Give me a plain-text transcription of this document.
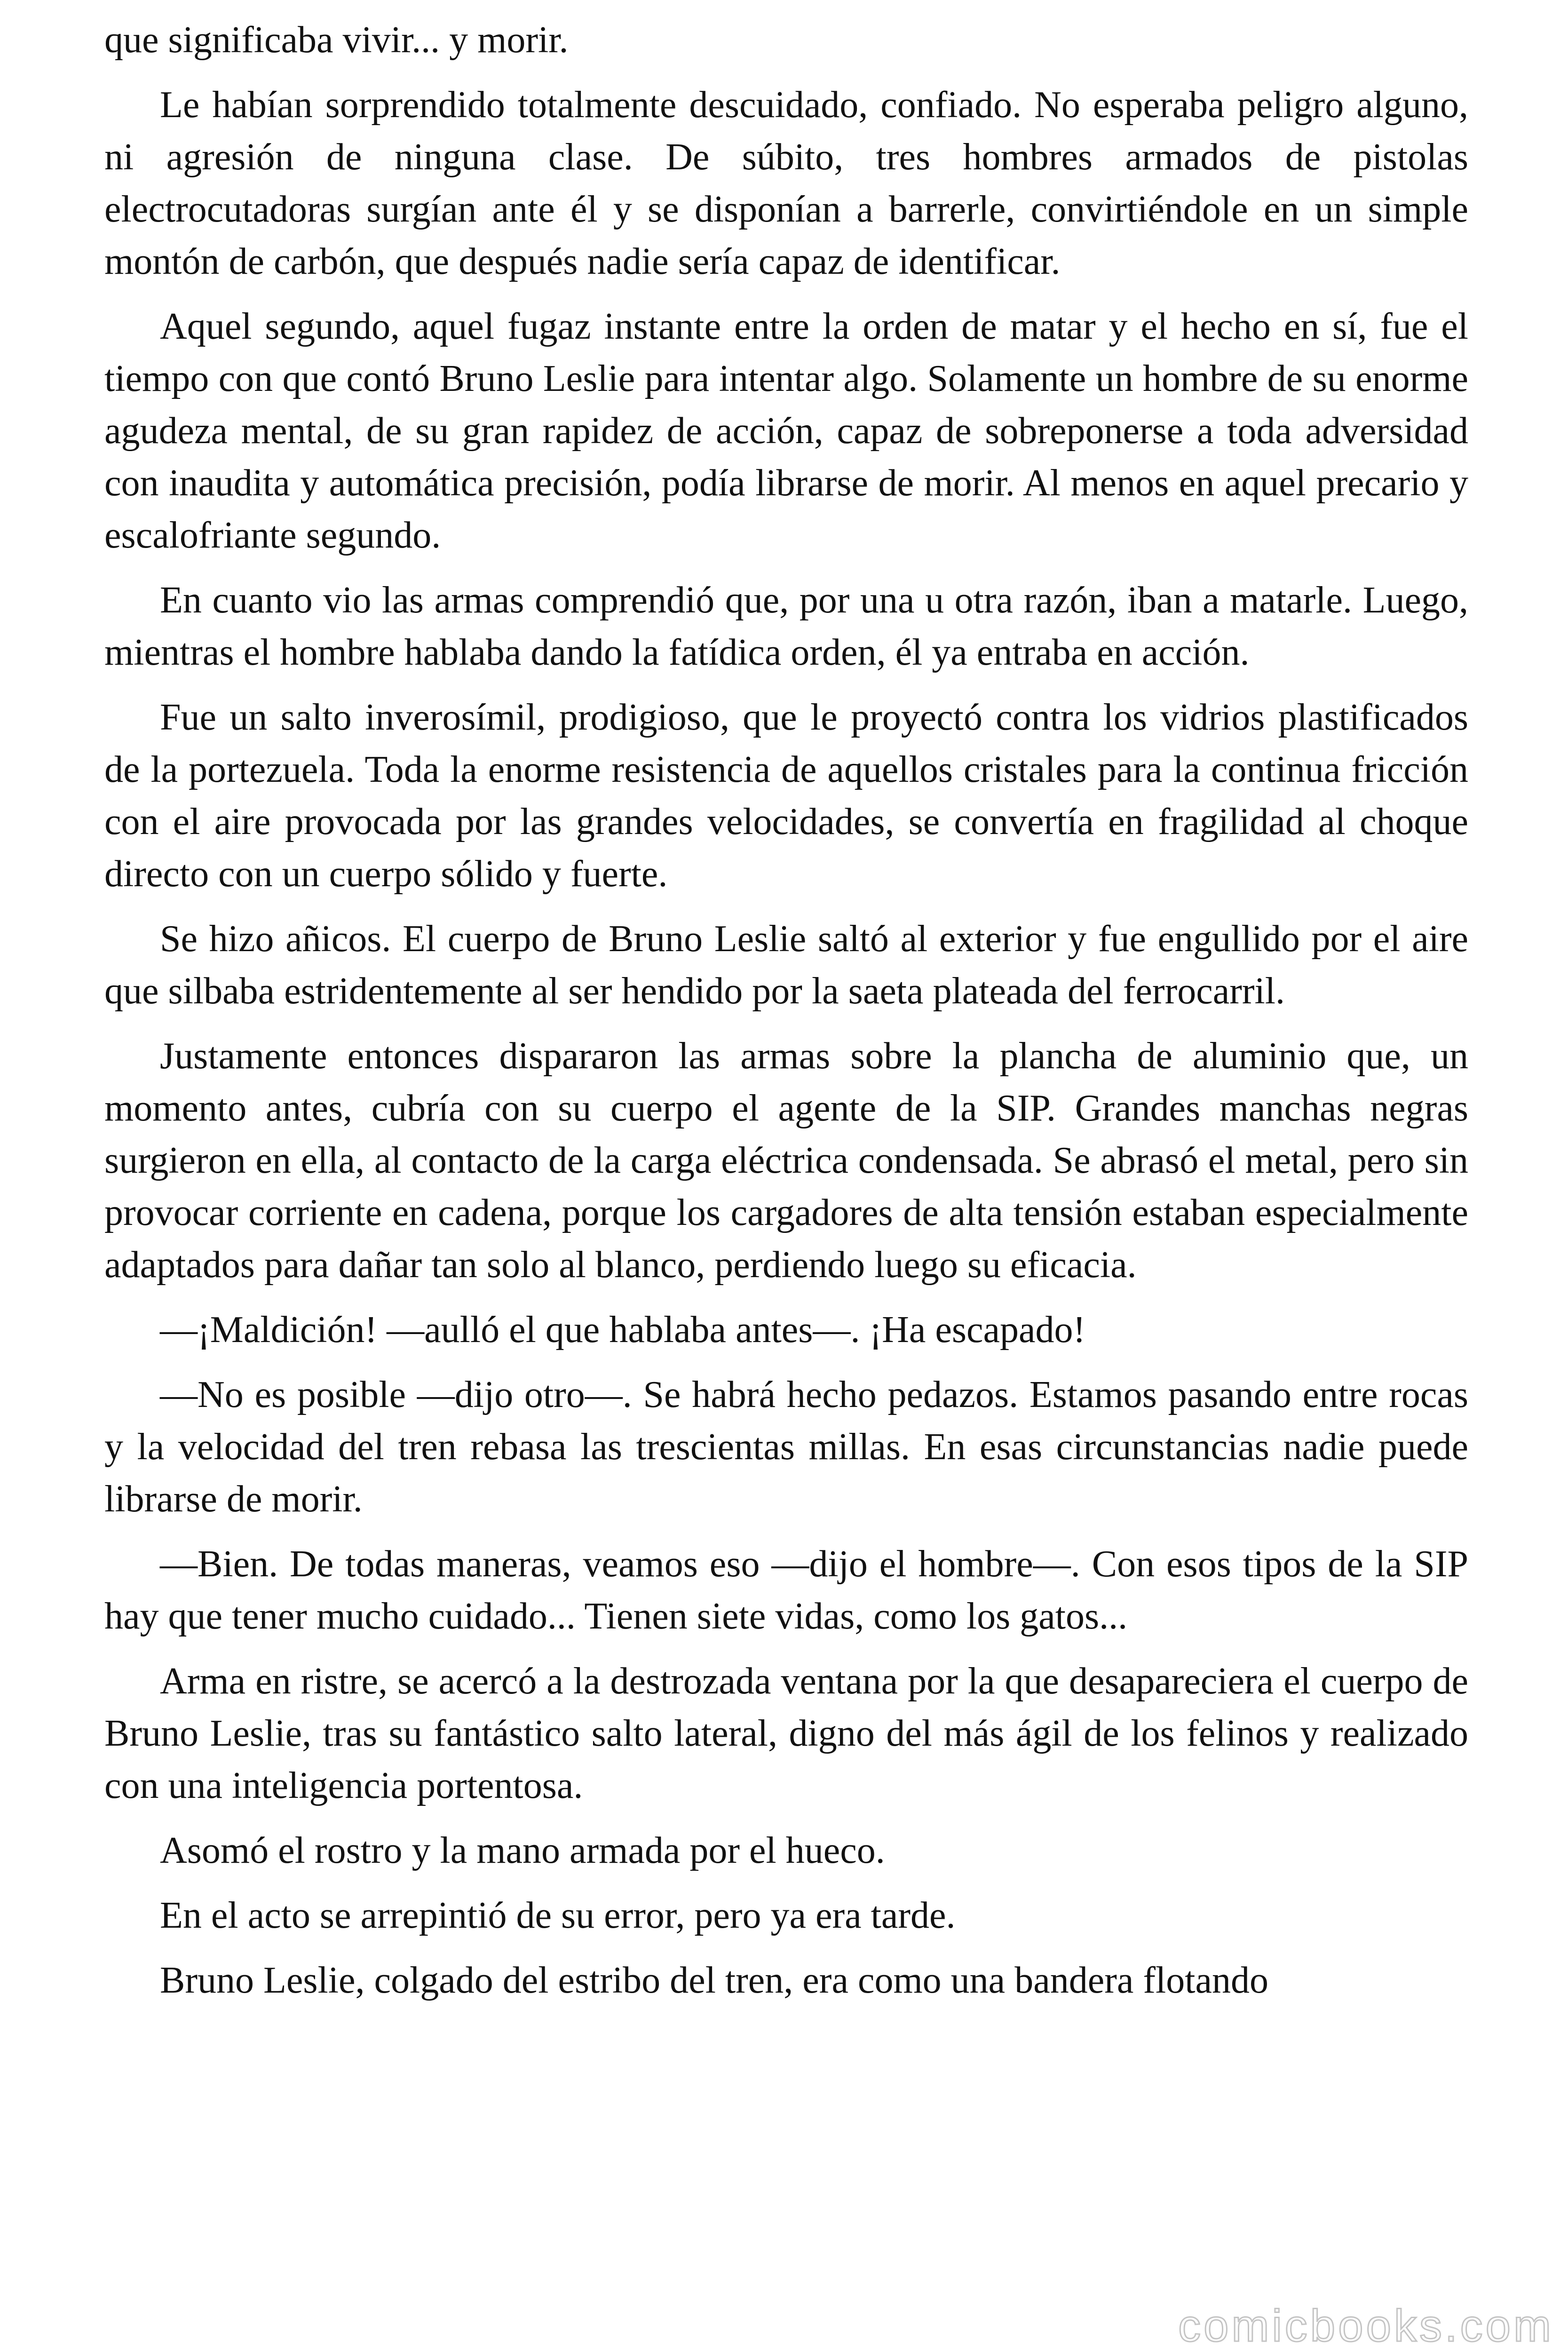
que significaba vivir... y morir.

Le habían sorprendido totalmente descuidado, confiado. No esperaba peligro alguno, ni agresión de ninguna clase. De súbito, tres hombres armados de pistolas electrocutadoras surgían ante él y se disponían a barrerle, convirtiéndole en un simple montón de carbón, que después nadie sería capaz de identificar.

Aquel segundo, aquel fugaz instante entre la orden de matar y el hecho en sí, fue el tiempo con que contó Bruno Leslie para intentar algo. Solamente un hombre de su enorme agudeza mental, de su gran rapidez de acción, capaz de sobreponerse a toda adversidad con inaudita y automática precisión, podía librarse de morir. Al menos en aquel precario y escalofriante segundo.

En cuanto vio las armas comprendió que, por una u otra razón, iban a matarle. Luego, mientras el hombre hablaba dando la fatídica orden, él ya entraba en acción.

Fue un salto inverosímil, prodigioso, que le proyectó contra los vidrios plastificados de la portezuela. Toda la enorme resistencia de aquellos cristales para la continua fricción con el aire provocada por las grandes velocidades, se convertía en fragilidad al choque directo con un cuerpo sólido y fuerte.

Se hizo añicos. El cuerpo de Bruno Leslie saltó al exterior y fue engullido por el aire que silbaba estridentemente al ser hendido por la saeta plateada del ferrocarril.

Justamente entonces dispararon las armas sobre la plancha de aluminio que, un momento antes, cubría con su cuerpo el agente de la SIP. Grandes manchas negras surgieron en ella, al contacto de la carga eléctrica condensada. Se abrasó el metal, pero sin provocar corriente en cadena, porque los cargadores de alta tensión estaban especialmente adaptados para dañar tan solo al blanco, perdiendo luego su eficacia.

—¡Maldición! —aulló el que hablaba antes—. ¡Ha escapado!

—No es posible —dijo otro—. Se habrá hecho pedazos. Estamos pasando entre rocas y la velocidad del tren rebasa las trescientas millas. En esas circunstancias nadie puede librarse de morir.

—Bien. De todas maneras, veamos eso —dijo el hombre—. Con esos tipos de la SIP hay que tener mucho cuidado... Tienen siete vidas, como los gatos...

Arma en ristre, se acercó a la destrozada ventana por la que desapareciera el cuerpo de Bruno Leslie, tras su fantástico salto lateral, digno del más ágil de los felinos y realizado con una inteligencia portentosa.

Asomó el rostro y la mano armada por el hueco.

En el acto se arrepintió de su error, pero ya era tarde.

Bruno Leslie, colgado del estribo del tren, era como una bandera flotando

comicbooks.com
